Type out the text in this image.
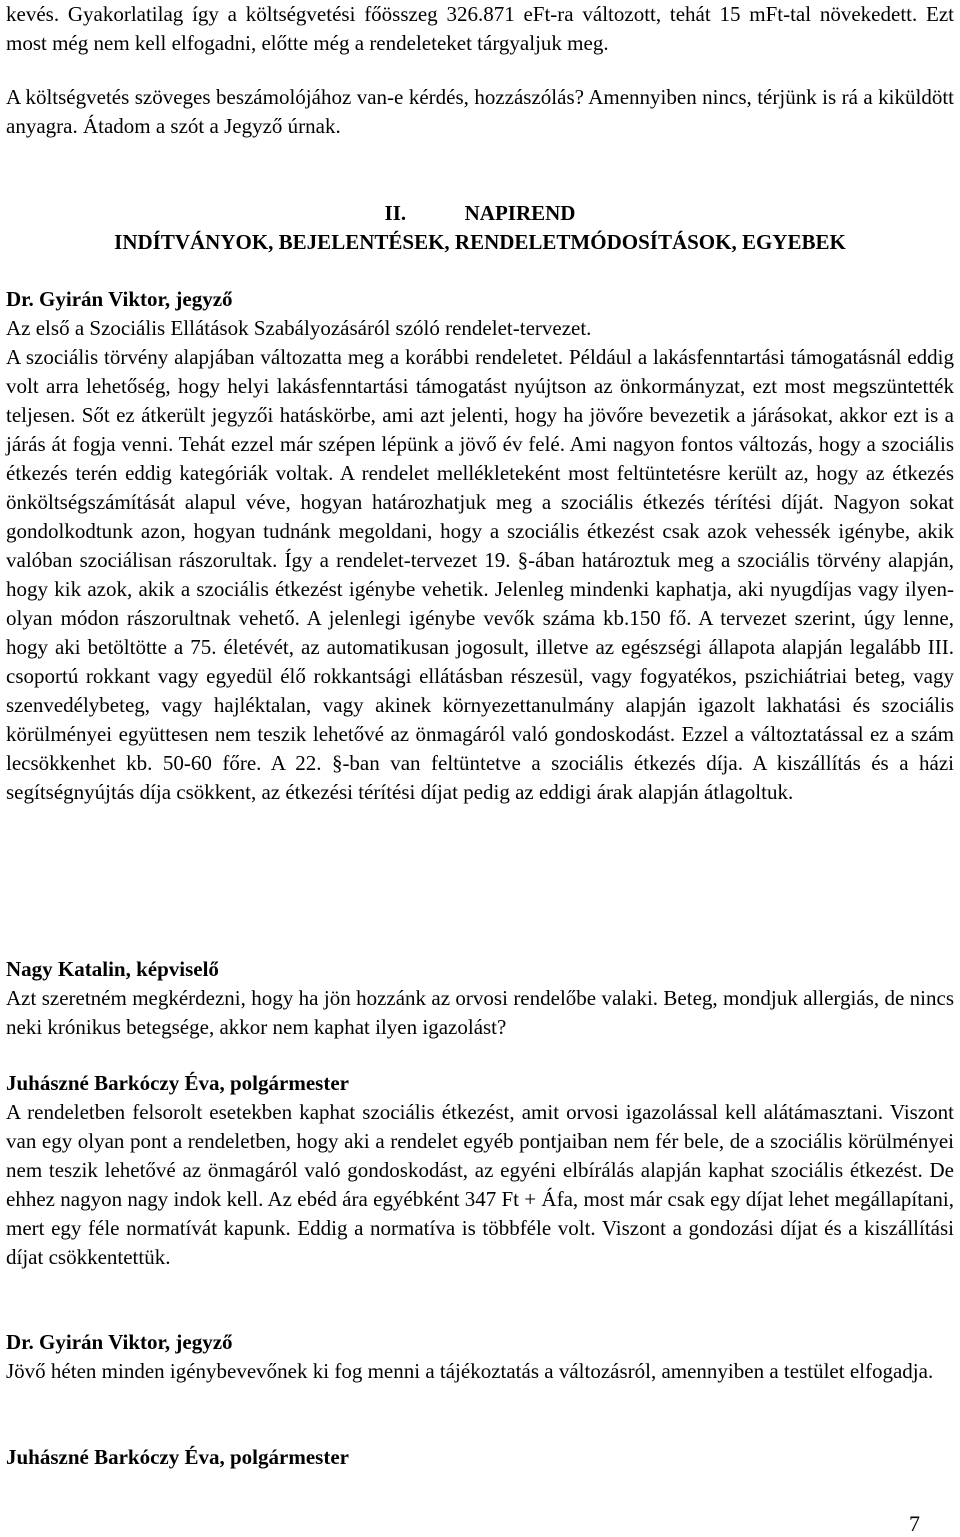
kevés. Gyakorlatilag így a költségvetési főösszeg 326.871 eFt-ra változott, tehát 15 mFt-tal növekedett. Ezt most még nem kell elfogadni, előtte még a rendeleteket tárgyaljuk meg.

A költségvetés szöveges beszámolójához van-e kérdés, hozzászólás? Amennyiben nincs, térjünk is rá a kiküldött anyagra. Átadom a szót a Jegyző úrnak.

II.	NAPIREND
INDÍTVÁNYOK, BEJELENTÉSEK, RENDELETMÓDOSÍTÁSOK, EGYEBEK
Dr. Gyirán Viktor, jegyző

Az első a Szociális Ellátások Szabályozásáról szóló rendelet-tervezet.

A szociális törvény alapjában változatta meg a korábbi rendeletet. Például a lakásfenntartási támogatásnál eddig volt arra lehetőség, hogy helyi lakásfenntartási támogatást nyújtson az önkormányzat, ezt most megszüntették teljesen. Sőt ez átkerült jegyzői hatáskörbe, ami azt jelenti, hogy ha jövőre bevezetik a járásokat, akkor ezt is a járás át fogja venni. Tehát ezzel már szépen lépünk a jövő év felé. Ami nagyon fontos változás, hogy a szociális étkezés terén eddig kategóriák voltak. A rendelet mellékleteként most feltüntetésre került az, hogy az étkezés önköltségszámítását alapul véve, hogyan határozhatjuk meg a szociális étkezés térítési díját. Nagyon sokat gondolkodtunk azon, hogyan tudnánk megoldani, hogy a szociális étkezést csak azok vehessék igénybe, akik valóban szociálisan rászorultak. Így a rendelet-tervezet 19. §-ában határoztuk meg a szociális törvény alapján, hogy kik azok, akik a szociális étkezést igénybe vehetik. Jelenleg mindenki kaphatja, aki nyugdíjas vagy ilyen-olyan módon rászorultnak vehető. A jelenlegi igénybe vevők száma kb.150 fő. A tervezet szerint, úgy lenne, hogy aki betöltötte a 75. életévét, az automatikusan jogosult, illetve az egészségi állapota alapján legalább III. csoportú rokkant vagy egyedül élő rokkantsági ellátásban részesül, vagy fogyatékos, pszichiátriai beteg, vagy szenvedélybeteg, vagy hajléktalan, vagy akinek környezettanulmány alapján igazolt lakhatási és szociális körülményei együttesen nem teszik lehetővé az önmagáról való gondoskodást. Ezzel a változtatással ez a szám lecsökkenhet kb. 50-60 főre. A 22. §-ban van feltüntetve a szociális étkezés díja. A kiszállítás és a házi segítségnyújtás díja csökkent, az étkezési térítési díjat pedig az eddigi árak alapján átlagoltuk.

Nagy Katalin, képviselő

Azt szeretném megkérdezni, hogy ha jön hozzánk az orvosi rendelőbe valaki. Beteg, mondjuk allergiás, de nincs neki krónikus betegsége, akkor nem kaphat ilyen igazolást?

Juhászné Barkóczy Éva, polgármester

A rendeletben felsorolt esetekben kaphat szociális étkezést, amit orvosi igazolással kell alátámasztani. Viszont van egy olyan pont a rendeletben, hogy aki a rendelet egyéb pontjaiban nem fér bele, de a szociális körülményei nem teszik lehetővé az önmagáról való gondoskodást, az egyéni elbírálás alapján kaphat szociális étkezést. De ehhez nagyon nagy indok kell. Az ebéd ára egyébként 347 Ft + Áfa, most már csak egy díjat lehet megállapítani, mert egy féle normatívát kapunk. Eddig a normatíva is többféle volt. Viszont a gondozási díjat és a kiszállítási díjat csökkentettük.

Dr. Gyirán Viktor, jegyző

Jövő héten minden igénybevevőnek ki fog menni a tájékoztatás a változásról, amennyiben a testület elfogadja.

Juhászné Barkóczy Éva, polgármester
7
